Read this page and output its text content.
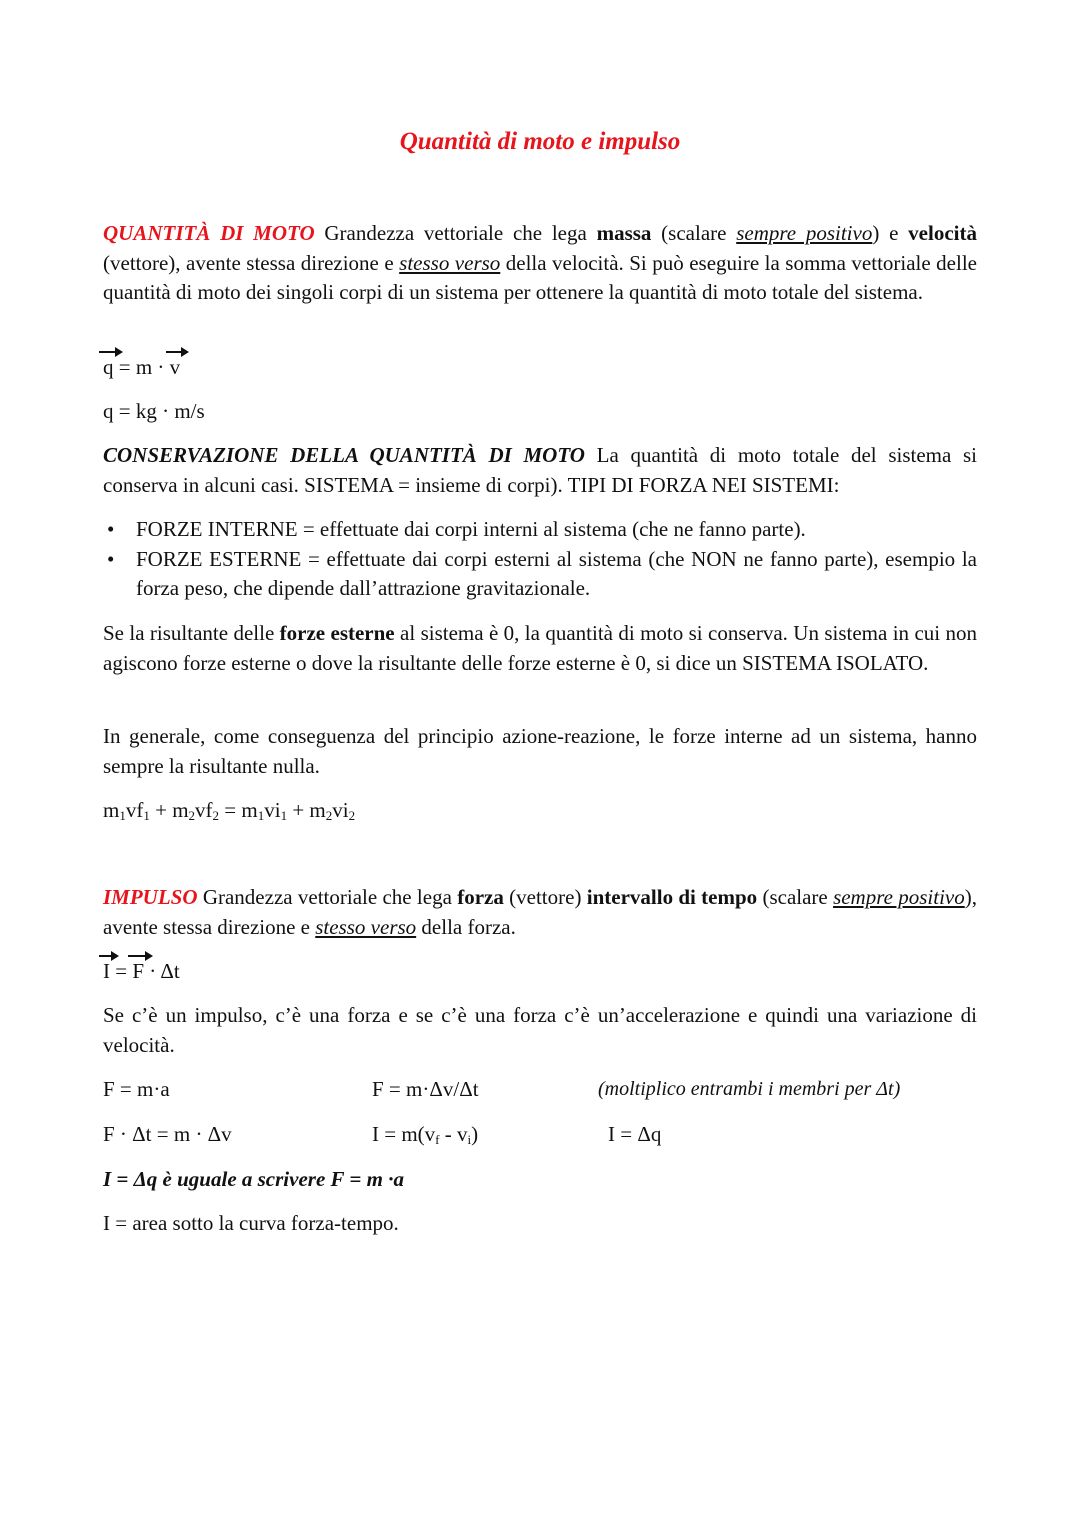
Quantità di moto e impulso
QUANTITÀ DI MOTO Grandezza vettoriale che lega massa (scalare sempre positivo) e velocità (vettore), avente stessa direzione e stesso verso della velocità. Si può eseguire la somma vettoriale delle quantità di moto dei singoli corpi di un sistema per ottenere la quantità di moto totale del sistema.
q = m · v
q = kg · m/s
CONSERVAZIONE DELLA QUANTITÀ DI MOTO La quantità di moto totale del sistema si conserva in alcuni casi. SISTEMA = insieme di corpi). TIPI DI FORZA NEI SISTEMI:
• FORZE INTERNE = effettuate dai corpi interni al sistema (che ne fanno parte).
• FORZE ESTERNE = effettuate dai corpi esterni al sistema (che NON ne fanno parte), esempio la forza peso, che dipende dall’attrazione gravitazionale.
Se la risultante delle forze esterne al sistema è 0, la quantità di moto si conserva. Un sistema in cui non agiscono forze esterne o dove la risultante delle forze esterne è 0, si dice un SISTEMA ISOLATO.
In generale, come conseguenza del principio azione-reazione, le forze interne ad un sistema, hanno sempre la risultante nulla.
$m_1vf_1 + m_2vf_2 = m_1vi_1 + m_2vi_2$
IMPULSO Grandezza vettoriale che lega forza (vettore) intervallo di tempo (scalare sempre positivo), avente stessa direzione e stesso verso della forza.
I = F · Δt
Se c’è un impulso, c’è una forza e se c’è una forza c’è un’accelerazione e quindi una variazione di velocità.
F = m·a	F = m·Δv/Δt	(moltiplico entrambi i membri per Δt)
F · Δt = m · Δv	$I = m(v_f - v_i)$	I = Δq
I = Δq è uguale a scrivere F = m ·a
I = area sotto la curva forza-tempo.
